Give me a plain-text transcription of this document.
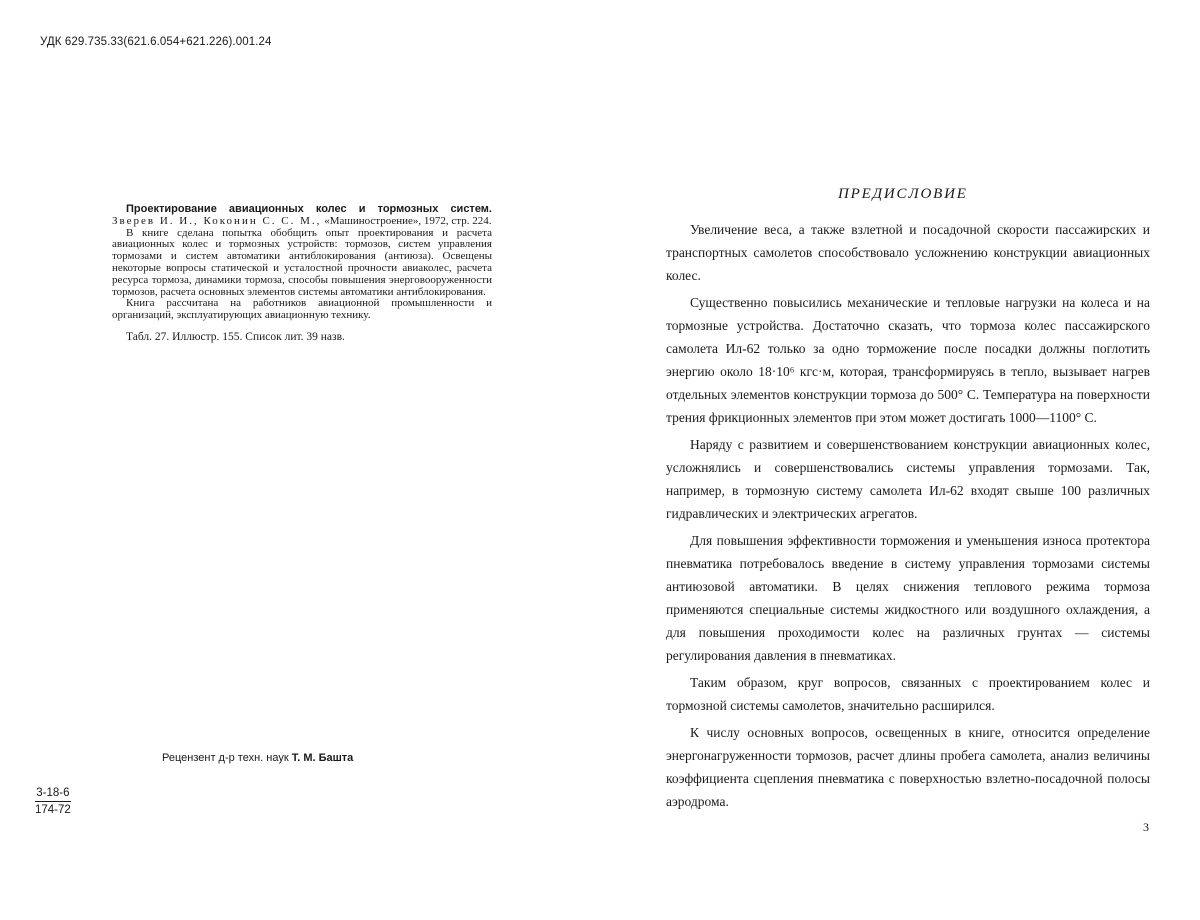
УДК 629.735.33(621.6.054+621.226).001.24

Проектирование авиационных колес и тормозных систем. Зверев И. И., Коконин С. С. М., «Машиностроение», 1972, стр. 224.

В книге сделана попытка обобщить опыт проектирования и расчета авиационных колес и тормозных устройств: тормозов, систем управления тормозами и систем автоматики антиблокирования (антиюза). Освещены некоторые вопросы статической и усталостной прочности авиаколес, расчета ресурса тормоза, динамики тормоза, способы повышения энерговооруженности тормозов, расчета основных элементов системы автоматики антиблокирования.

Книга рассчитана на работников авиационной промышленности и организаций, эксплуатирующих авиационную технику.

Табл. 27. Иллюстр. 155. Список лит. 39 назв.

Рецензент д-р техн. наук Т. М. Башта
$\frac{3-18-6}{174-72}$
ПРЕДИСЛОВИЕ

Увеличение веса, а также взлетной и посадочной скорости пассажирских и транспортных самолетов способствовало усложнению конструкции авиационных колес.

Существенно повысились механические и тепловые нагрузки на колеса и на тормозные устройства. Достаточно сказать, что тормоза колес пассажирского самолета Ил-62 только за одно торможение после посадки должны поглотить энергию около 18·10⁶ кгс·м, которая, трансформируясь в тепло, вызывает нагрев отдельных элементов конструкции тормоза до 500° С. Температура на поверхности трения фрикционных элементов при этом может достигать 1000—1100° С.

Наряду с развитием и совершенствованием конструкции авиационных колес, усложнялись и совершенствовались системы управления тормозами. Так, например, в тормозную систему самолета Ил-62 входят свыше 100 различных гидравлических и электрических агрегатов.

Для повышения эффективности торможения и уменьшения износа протектора пневматика потребовалось введение в систему управления тормозами системы антиюзовой автоматики. В целях снижения теплового режима тормоза применяются специальные системы жидкостного или воздушного охлаждения, а для повышения проходимости колес на различных грунтах — системы регулирования давления в пневматиках.

Таким образом, круг вопросов, связанных с проектированием колес и тормозной системы самолетов, значительно расширился.

К числу основных вопросов, освещенных в книге, относится определение энергонагруженности тормозов, расчет длины пробега самолета, анализ величины коэффициента сцепления пневматика с поверхностью взлетно-посадочной полосы аэродрома.

3
